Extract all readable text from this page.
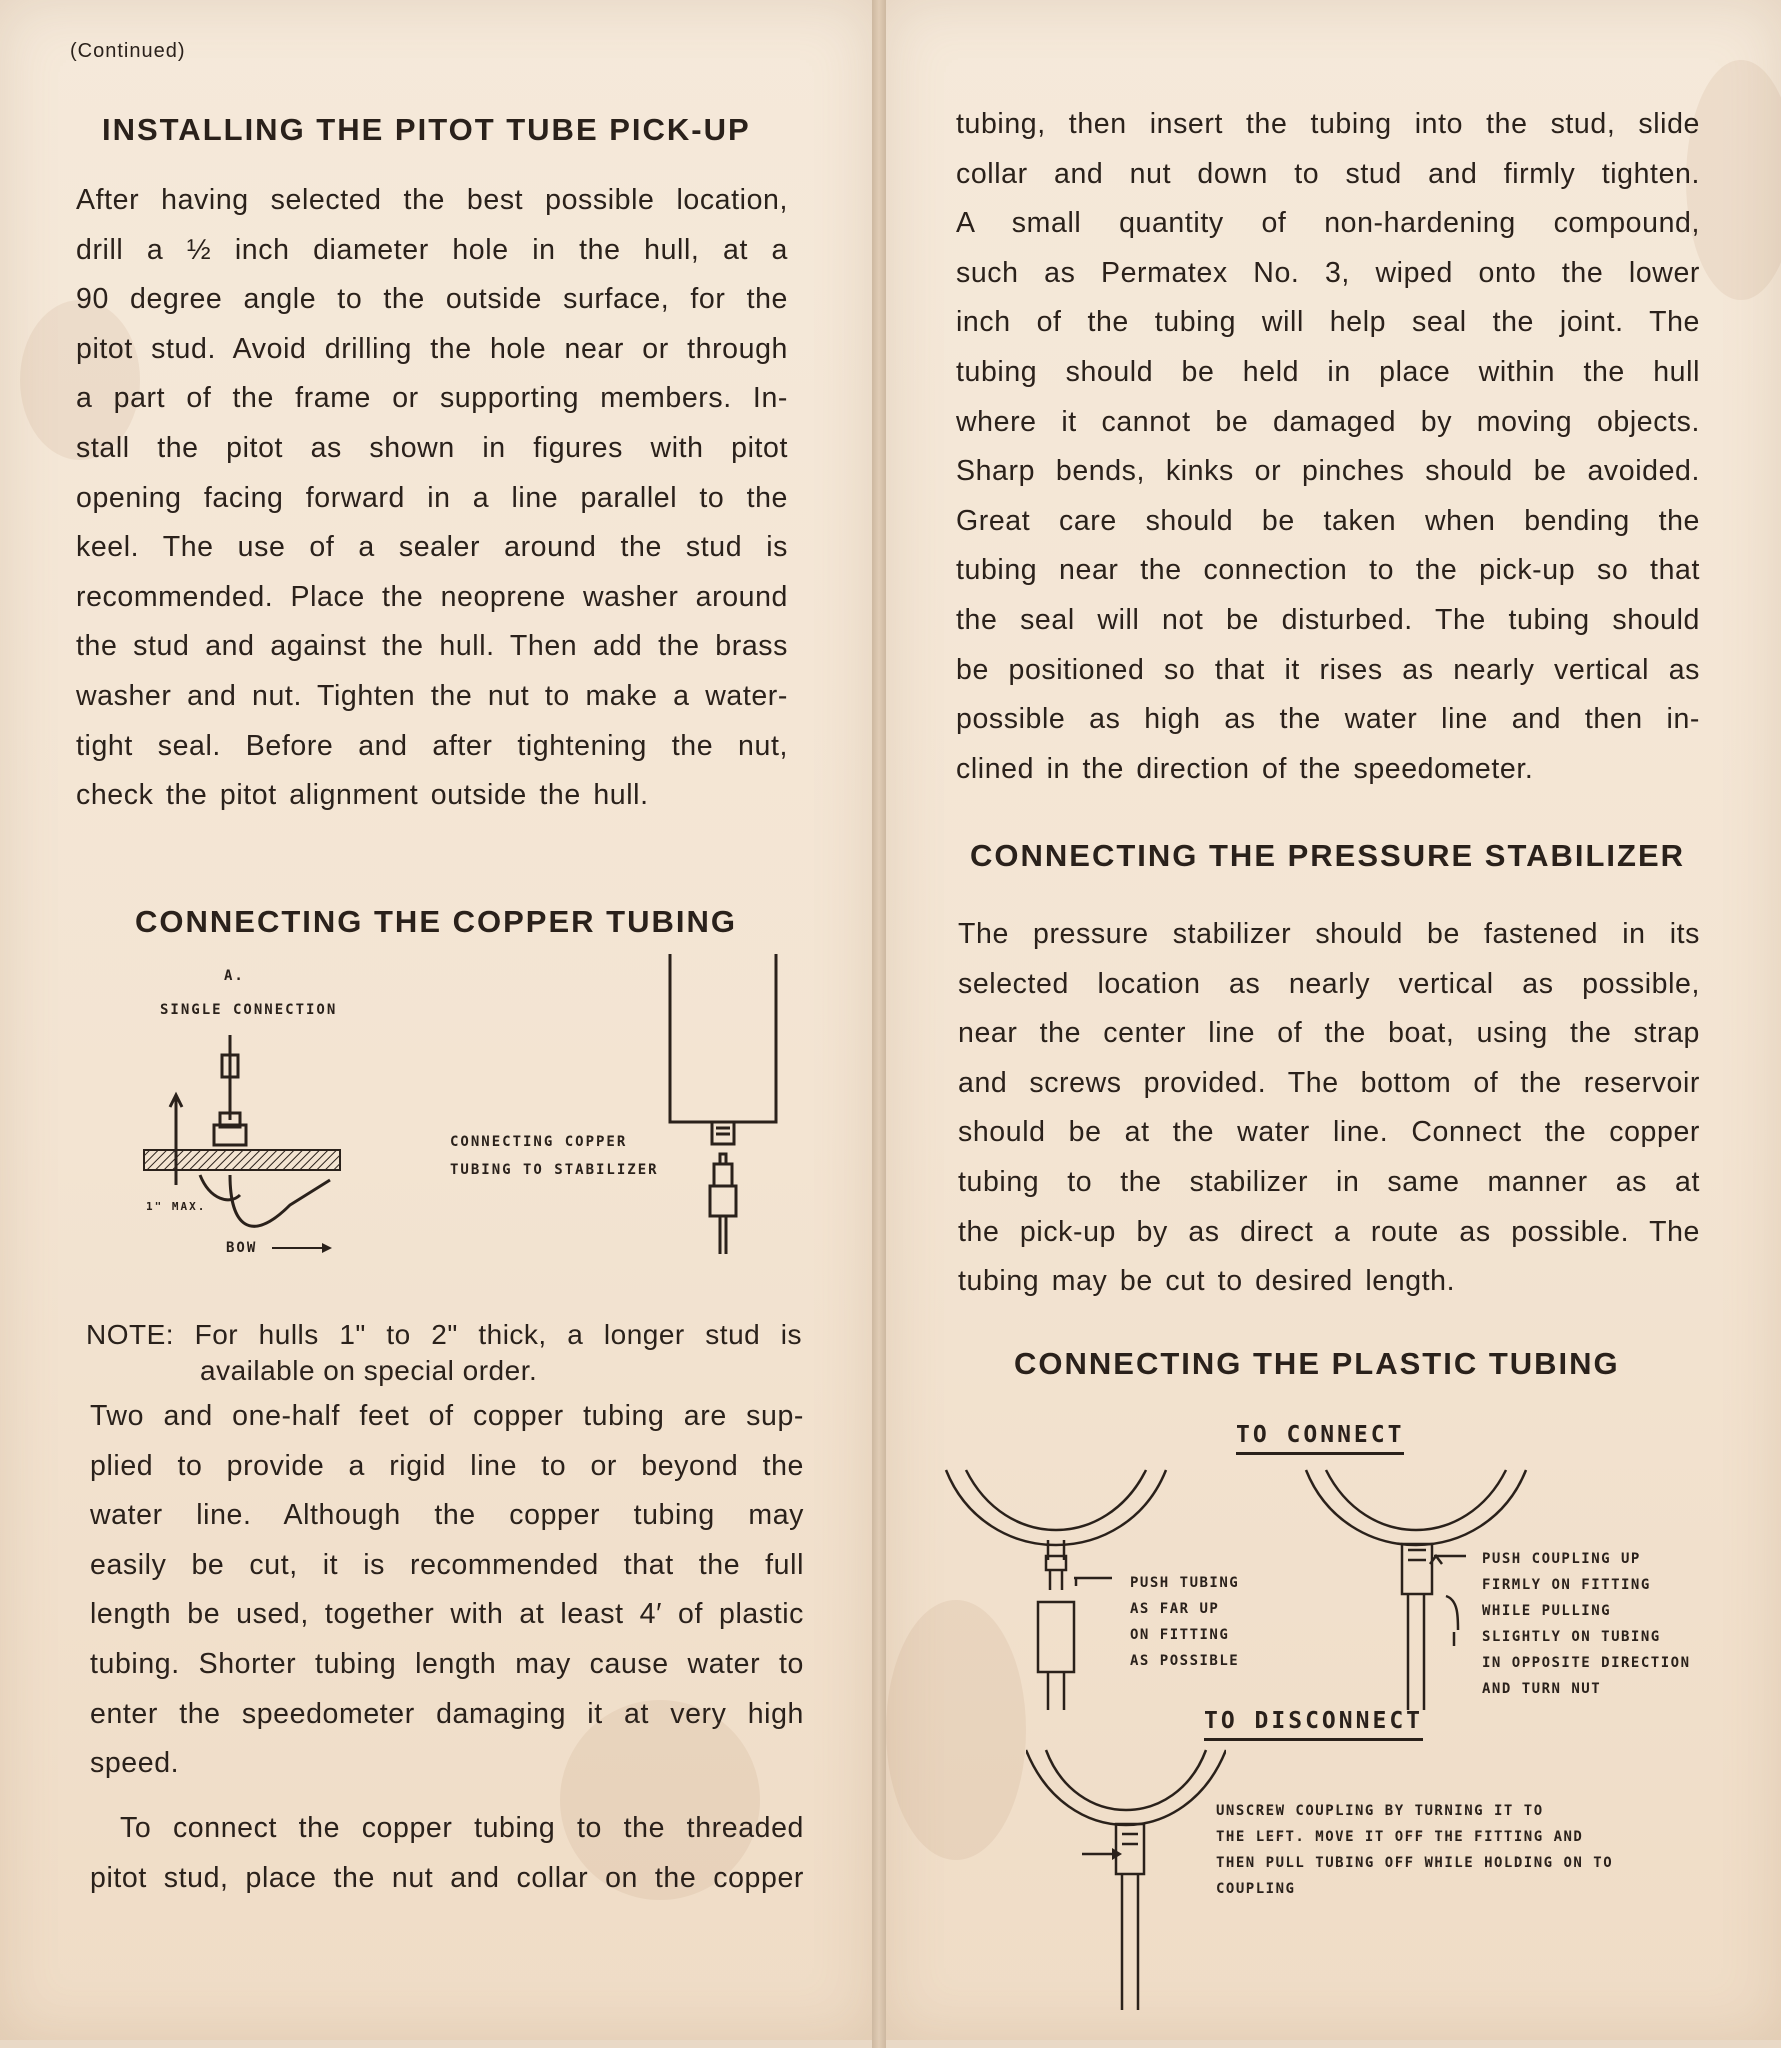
(Continued)
INSTALLING THE PITOT TUBE PICK-UP
After having selected the best possible location,
drill a ½ inch diameter hole in the hull, at a
90 degree angle to the outside surface, for the
pitot stud. Avoid drilling the hole near or through
a part of the frame or supporting members. In-
stall the pitot as shown in figures with pitot
opening facing forward in a line parallel to the
keel. The use of a sealer around the stud is
recommended. Place the neoprene washer around
the stud and against the hull. Then add the brass
washer and nut. Tighten the nut to make a water-
tight seal. Before and after tightening the nut,
check the pitot alignment outside the hull.
CONNECTING THE COPPER TUBING
A.
SINGLE CONNECTION
1" MAX.
BOW
CONNECTING COPPER
TUBING TO STABILIZER
NOTE: For hulls 1" to 2" thick, a longer stud is
available on special order.
Two and one-half feet of copper tubing are sup-
plied to provide a rigid line to or beyond the
water line. Although the copper tubing may
easily be cut, it is recommended that the full
length be used, together with at least 4′ of plastic
tubing. Shorter tubing length may cause water to
enter the speedometer damaging it at very high
speed.
To connect the copper tubing to the threaded
pitot stud, place the nut and collar on the copper
tubing, then insert the tubing into the stud, slide
collar and nut down to stud and firmly tighten.
A small quantity of non-hardening compound,
such as Permatex No. 3, wiped onto the lower
inch of the tubing will help seal the joint. The
tubing should be held in place within the hull
where it cannot be damaged by moving objects.
Sharp bends, kinks or pinches should be avoided.
Great care should be taken when bending the
tubing near the connection to the pick-up so that
the seal will not be disturbed. The tubing should
be positioned so that it rises as nearly vertical as
possible as high as the water line and then in-
clined in the direction of the speedometer.
CONNECTING THE PRESSURE STABILIZER
The pressure stabilizer should be fastened in its
selected location as nearly vertical as possible,
near the center line of the boat, using the strap
and screws provided. The bottom of the reservoir
should be at the water line. Connect the copper
tubing to the stabilizer in same manner as at
the pick-up by as direct a route as possible. The
tubing may be cut to desired length.
CONNECTING THE PLASTIC TUBING
TO CONNECT
PUSH TUBING
AS FAR UP
ON FITTING
AS POSSIBLE
PUSH COUPLING UP
FIRMLY ON FITTING
WHILE PULLING
SLIGHTLY ON TUBING
IN OPPOSITE DIRECTION
AND TURN NUT
TO DISCONNECT
UNSCREW COUPLING BY TURNING IT TO
THE LEFT. MOVE IT OFF THE FITTING AND
THEN PULL TUBING OFF WHILE HOLDING ON TO
COUPLING
